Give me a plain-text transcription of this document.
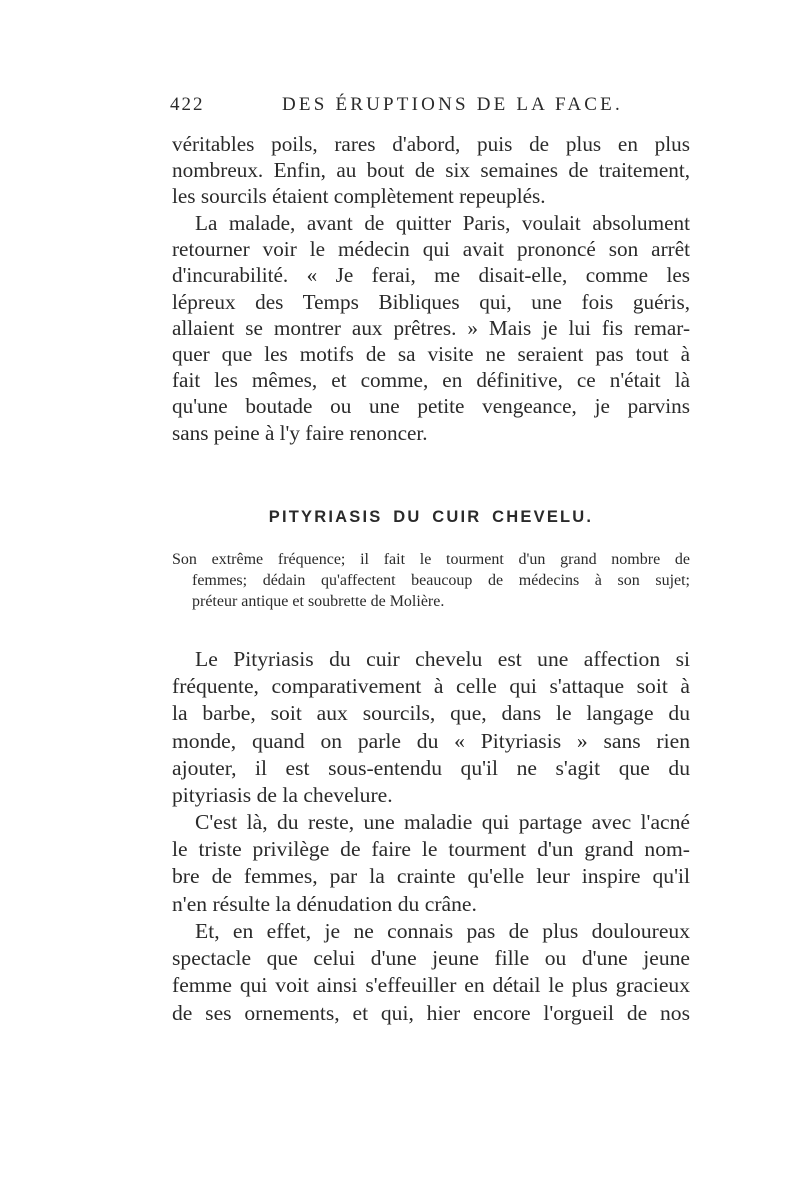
422	DES ÉRUPTIONS DE LA FACE.

véritables poils, rares d'abord, puis de plus en plus
nombreux. Enfin, au bout de six semaines de traitement,
les sourcils étaient complètement repeuplés.

La malade, avant de quitter Paris, voulait absolument
retourner voir le médecin qui avait prononcé son arrêt
d'incurabilité. « Je ferai, me disait-elle, comme les
lépreux des Temps Bibliques qui, une fois guéris,
allaient se montrer aux prêtres. » Mais je lui fis remar-
quer que les motifs de sa visite ne seraient pas tout à
fait les mêmes, et comme, en définitive, ce n'était là
qu'une boutade ou une petite vengeance, je parvins
sans peine à l'y faire renoncer.

PITYRIASIS DU CUIR CHEVELU.
Son extrême fréquence; il fait le tourment d'un grand nombre de
femmes; dédain qu'affectent beaucoup de médecins à son sujet;
préteur antique et soubrette de Molière.

Le Pityriasis du cuir chevelu est une affection si
fréquente, comparativement à celle qui s'attaque soit à
la barbe, soit aux sourcils, que, dans le langage du
monde, quand on parle du « Pityriasis » sans rien
ajouter, il est sous-entendu qu'il ne s'agit que du
pityriasis de la chevelure.

C'est là, du reste, une maladie qui partage avec l'acné
le triste privilège de faire le tourment d'un grand nom-
bre de femmes, par la crainte qu'elle leur inspire qu'il
n'en résulte la dénudation du crâne.

Et, en effet, je ne connais pas de plus douloureux
spectacle que celui d'une jeune fille ou d'une jeune
femme qui voit ainsi s'effeuiller en détail le plus gracieux
de ses ornements, et qui, hier encore l'orgueil de nos
